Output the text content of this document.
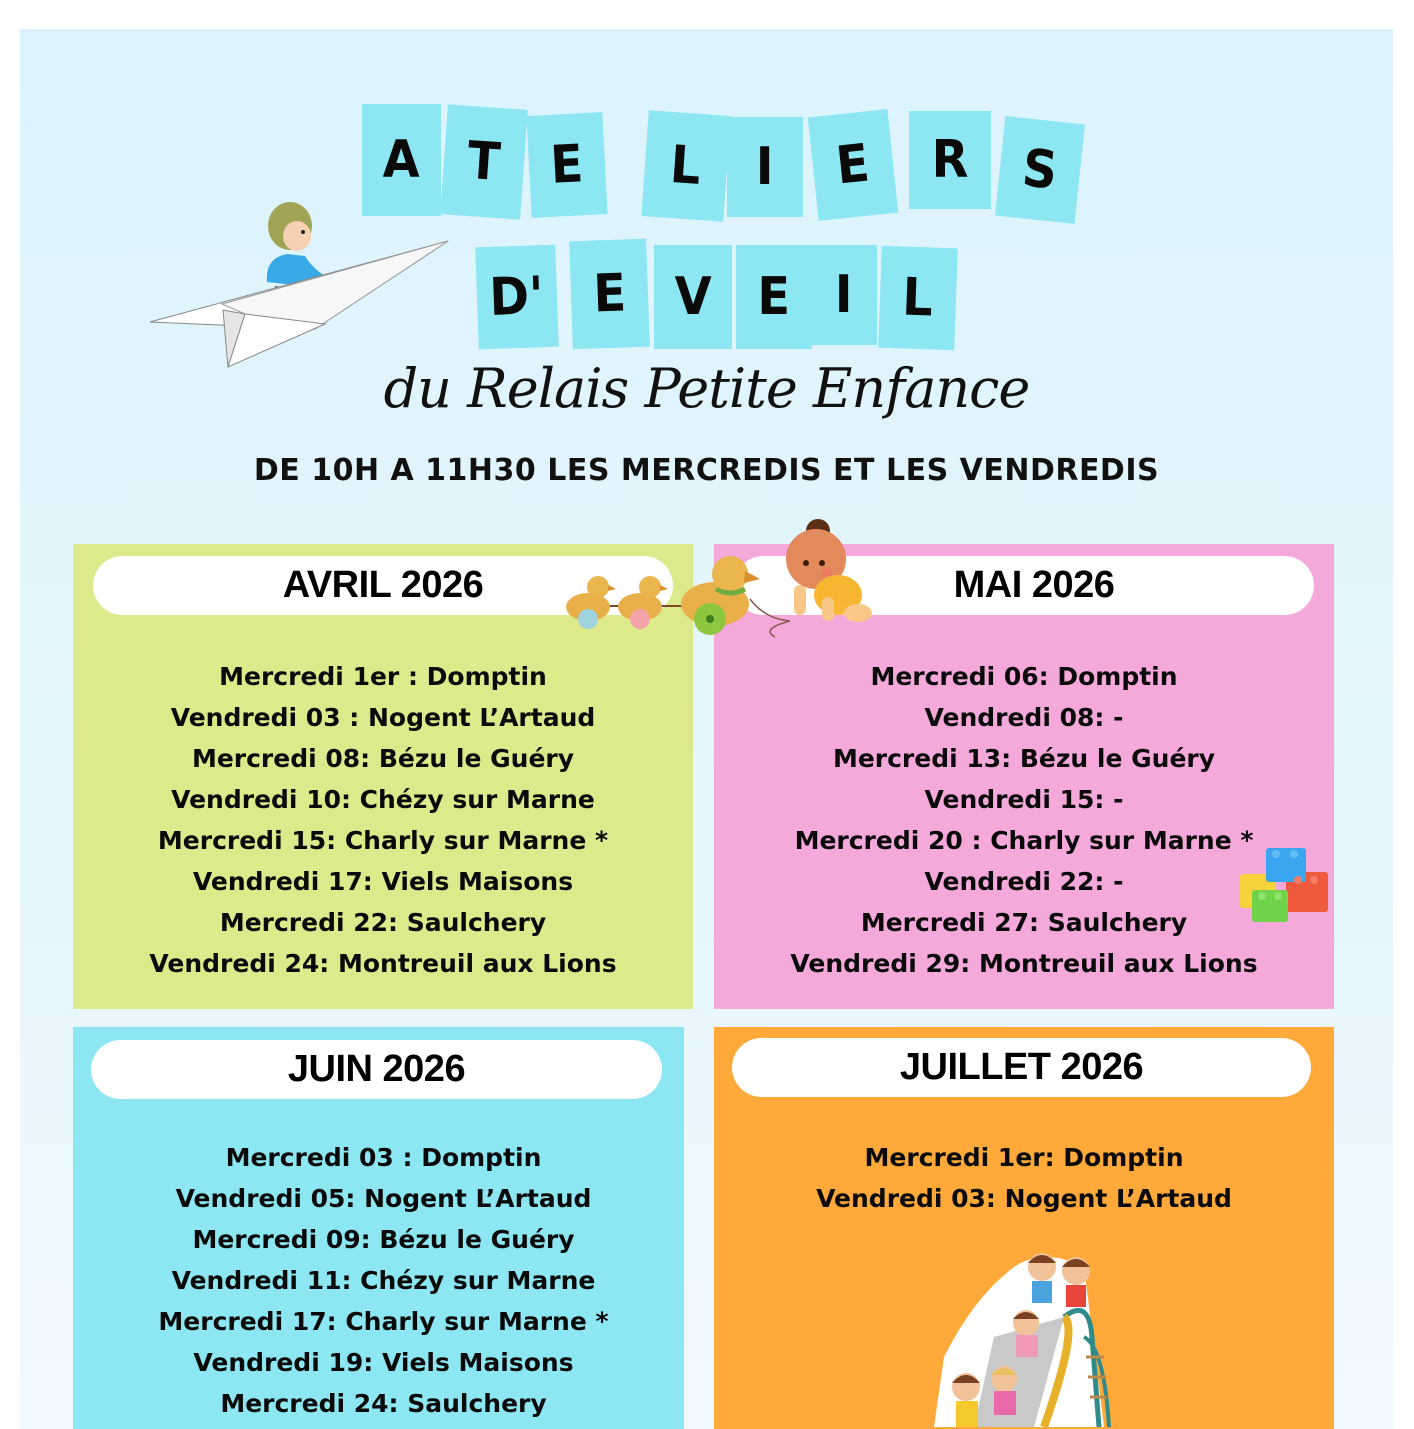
A T E L I E R S
D' E V E I L
du Relais Petite Enfance
DE 10H A 11H30 LES MERCREDIS ET LES VENDREDIS
AVRIL 2026
Mercredi 1er : Domptin
Vendredi 03 : Nogent L’Artaud
Mercredi 08: Bézu le Guéry
Vendredi 10: Chézy sur Marne
Mercredi 15: Charly sur Marne *
Vendredi 17: Viels Maisons
Mercredi 22: Saulchery
Vendredi 24: Montreuil aux Lions
MAI 2026
Mercredi 06: Domptin
Vendredi 08: -
Mercredi 13: Bézu le Guéry
Vendredi 15: -
Mercredi 20 : Charly sur Marne *
Vendredi 22: -
Mercredi 27: Saulchery
Vendredi 29: Montreuil aux Lions
JUIN 2026
Mercredi 03 : Domptin
Vendredi 05: Nogent L’Artaud
Mercredi 09: Bézu le Guéry
Vendredi 11: Chézy sur Marne
Mercredi 17: Charly sur Marne *
Vendredi 19: Viels Maisons
Mercredi 24: Saulchery
JUILLET 2026
Mercredi 1er: Domptin
Vendredi 03: Nogent L’Artaud
